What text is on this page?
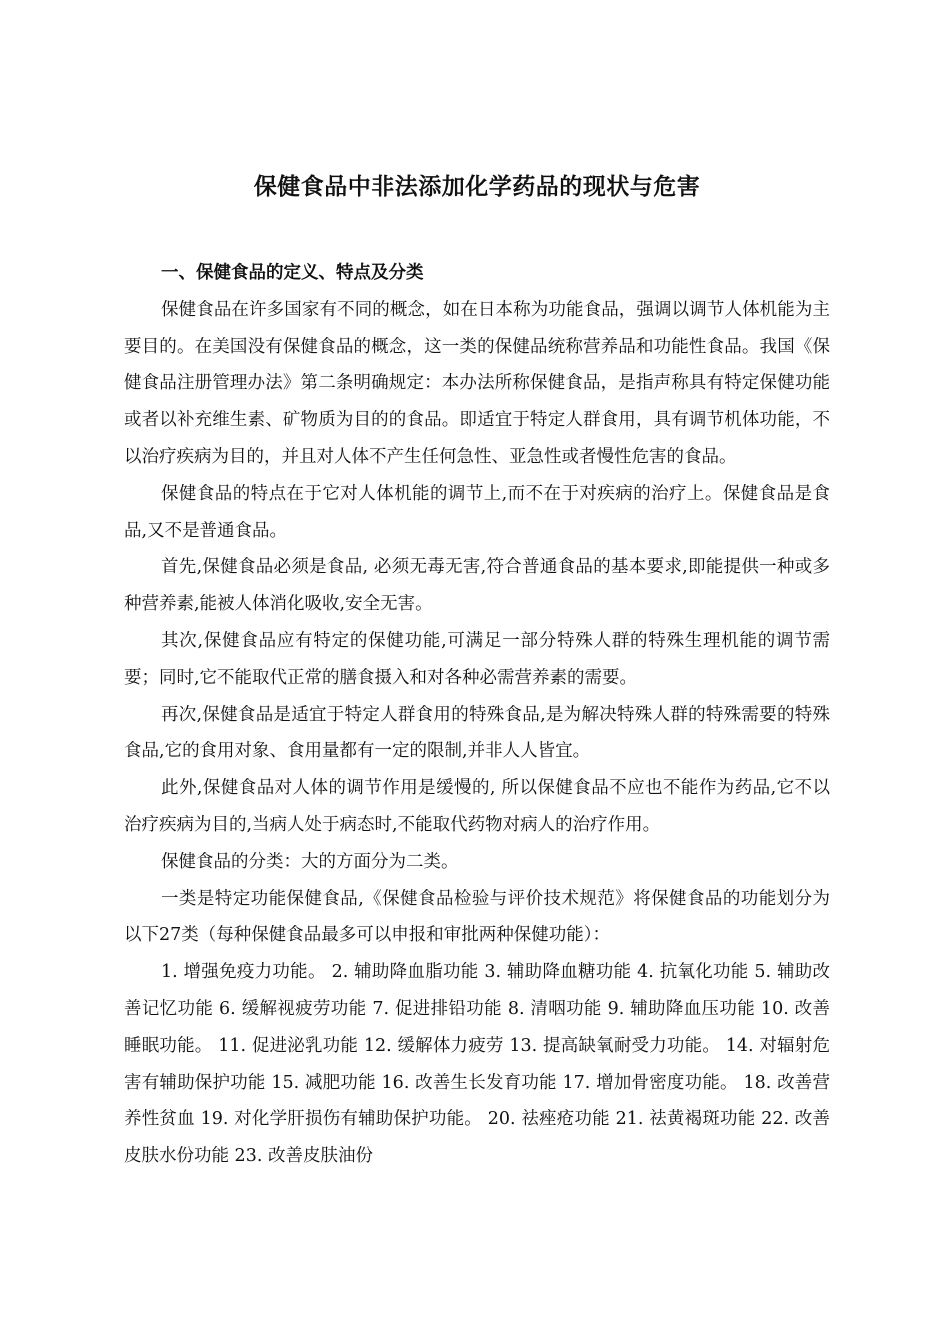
保健食品中非法添加化学药品的现状与危害

一、保健食品的定义、特点及分类

保健食品在许多国家有不同的概念，如在日本称为功能食品，强调以调节人体机能为主要目的。在美国没有保健食品的概念，这一类的保健品统称营养品和功能性食品。我国《保健食品注册管理办法》第二条明确规定：本办法所称保健食品，是指声称具有特定保健功能或者以补充维生素、矿物质为目的的食品。即适宜于特定人群食用，具有调节机体功能，不以治疗疾病为目的，并且对人体不产生任何急性、亚急性或者慢性危害的食品。

保健食品的特点在于它对人体机能的调节上,而不在于对疾病的治疗上。保健食品是食品,又不是普通食品。

首先,保健食品必须是食品, 必须无毒无害,符合普通食品的基本要求,即能提供一种或多种营养素,能被人体消化吸收,安全无害。

其次,保健食品应有特定的保健功能,可满足一部分特殊人群的特殊生理机能的调节需要；同时,它不能取代正常的膳食摄入和对各种必需营养素的需要。

再次,保健食品是适宜于特定人群食用的特殊食品,是为解决特殊人群的特殊需要的特殊食品,它的食用对象、食用量都有一定的限制,并非人人皆宜。

此外,保健食品对人体的调节作用是缓慢的, 所以保健食品不应也不能作为药品,它不以治疗疾病为目的,当病人处于病态时,不能取代药物对病人的治疗作用。

保健食品的分类：大的方面分为二类。

一类是特定功能保健食品,《保健食品检验与评价技术规范》将保健食品的功能划分为以下27类（每种保健食品最多可以申报和审批两种保健功能）：

1. 增强免疫力功能。 2. 辅助降血脂功能 3. 辅助降血糖功能 4. 抗氧化功能 5. 辅助改善记忆功能 6. 缓解视疲劳功能 7. 促进排铅功能 8. 清咽功能 9. 辅助降血压功能 10. 改善睡眠功能。 11. 促进泌乳功能 12. 缓解体力疲劳 13. 提高缺氧耐受力功能。 14. 对辐射危害有辅助保护功能 15. 减肥功能 16. 改善生长发育功能 17. 增加骨密度功能。 18. 改善营养性贫血 19. 对化学肝损伤有辅助保护功能。 20. 祛痤疮功能 21. 祛黄褐斑功能 22. 改善皮肤水份功能 23. 改善皮肤油份
